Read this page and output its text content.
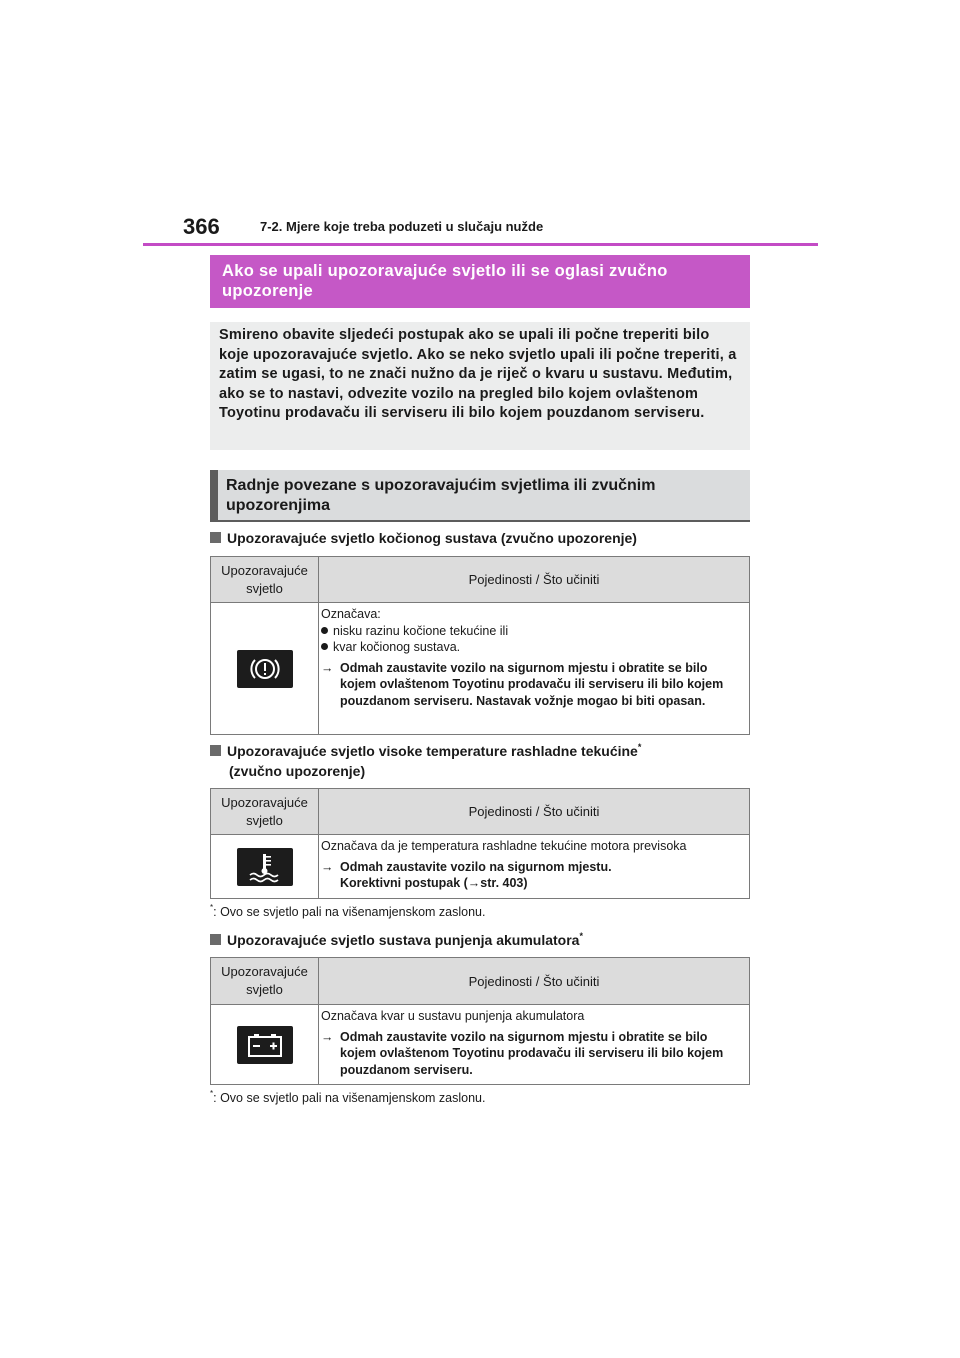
366	7-2. Mjere koje treba poduzeti u slučaju nužde
Ako se upali upozoravajuće svjetlo ili se oglasi zvučno upozorenje
Smireno obavite sljedeći postupak ako se upali ili počne treperiti bilo koje upozoravajuće svjetlo. Ako se neko svjetlo upali ili počne treperiti, a zatim se ugasi, to ne znači nužno da je riječ o kvaru u sustavu. Međutim, ako se to nastavi, odvezite vozilo na pregled bilo kojem ovlaštenom Toyotinu prodavaču ili serviseru ili bilo kojem pouzdanom serviseru.
Radnje povezane s upozoravajućim svjetlima ili zvučnim upozorenjima
Upozoravajuće svjetlo kočionog sustava (zvučno upozorenje)
Upozoravajuće svjetlo
Pojedinosti / Što učiniti
Označava:
nisku razinu kočione tekućine ili
kvar kočionog sustava.
→ Odmah zaustavite vozilo na sigurnom mjestu i obratite se bilo kojem ovlaštenom Toyotinu prodavaču ili serviseru ili bilo kojem pouzdanom serviseru. Nastavak vožnje mogao bi biti opasan.
Upozoravajuće svjetlo visoke temperature rashladne tekućine*
(zvučno upozorenje)
Upozoravajuće svjetlo
Pojedinosti / Što učiniti
Označava da je temperatura rashladne tekućine motora previsoka
→ Odmah zaustavite vozilo na sigurnom mjestu.
Korektivni postupak (→str. 403)
*: Ovo se svjetlo pali na višenamjenskom zaslonu.
Upozoravajuće svjetlo sustava punjenja akumulatora*
Upozoravajuće svjetlo
Pojedinosti / Što učiniti
Označava kvar u sustavu punjenja akumulatora
→ Odmah zaustavite vozilo na sigurnom mjestu i obratite se bilo kojem ovlaštenom Toyotinu prodavaču ili serviseru ili bilo kojem pouzdanom serviseru.
*: Ovo se svjetlo pali na višenamjenskom zaslonu.
